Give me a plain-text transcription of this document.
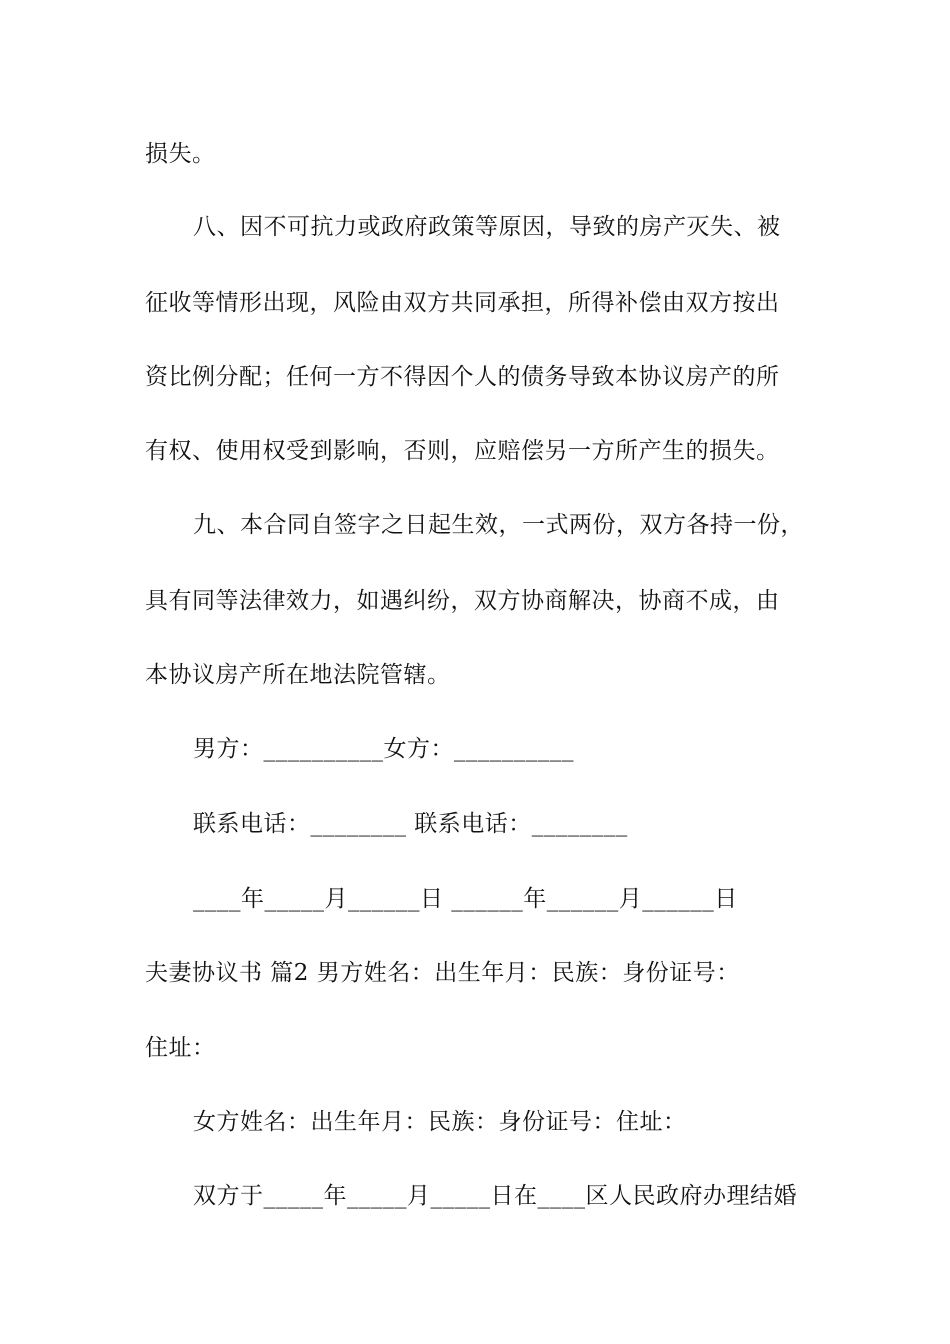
损失。
八、因不可抗力或政府政策等原因，导致的房产灭失、被
征收等情形出现，风险由双方共同承担，所得补偿由双方按出
资比例分配；任何一方不得因个人的债务导致本协议房产的所
有权、使用权受到影响，否则，应赔偿另一方所产生的损失。
九、本合同自签字之日起生效，一式两份，双方各持一份，
具有同等法律效力，如遇纠纷，双方协商解决，协商不成，由
本协议房产所在地法院管辖。
男方：__________女方：__________
联系电话：________ 联系电话：________
____年_____月______日 ______年______月______日
夫妻协议书 篇2 男方姓名：出生年月：民族：身份证号：
住址：
女方姓名：出生年月：民族：身份证号：住址：
双方于_____年_____月_____日在____区人民政府办理结婚
